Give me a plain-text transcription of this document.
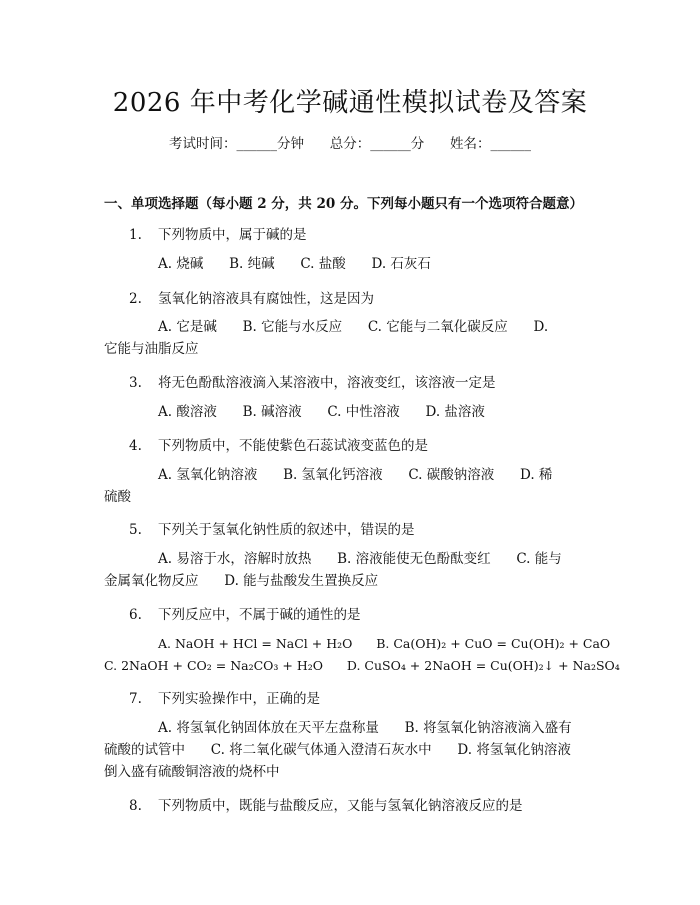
2026 年中考化学碱通性模拟试卷及答案
考试时间：______分钟      总分：______分      姓名：______
一、单项选择题（每小题 2 分，共 20 分。下列每小题只有一个选项符合题意）
1. 下列物质中，属于碱的是
A. 烧碱      B. 纯碱      C. 盐酸      D. 石灰石
2. 氢氧化钠溶液具有腐蚀性，这是因为
A. 它是碱      B. 它能与水反应      C. 它能与二氧化碳反应      D.
它能与油脂反应
3. 将无色酚酞溶液滴入某溶液中，溶液变红，该溶液一定是
A. 酸溶液      B. 碱溶液      C. 中性溶液      D. 盐溶液
4. 下列物质中，不能使紫色石蕊试液变蓝色的是
A. 氢氧化钠溶液      B. 氢氧化钙溶液      C. 碳酸钠溶液      D. 稀
硫酸
5. 下列关于氢氧化钠性质的叙述中，错误的是
A. 易溶于水，溶解时放热      B. 溶液能使无色酚酞变红      C. 能与
金属氧化物反应      D. 能与盐酸发生置换反应
6. 下列反应中，不属于碱的通性的是
A. NaOH + HCl = NaCl + H₂O      B. Ca(OH)₂ + CuO = Cu(OH)₂ + CaO
C. 2NaOH + CO₂ = Na₂CO₃ + H₂O      D. CuSO₄ + 2NaOH = Cu(OH)₂↓ + Na₂SO₄
7. 下列实验操作中，正确的是
A. 将氢氧化钠固体放在天平左盘称量      B. 将氢氧化钠溶液滴入盛有
硫酸的试管中      C. 将二氧化碳气体通入澄清石灰水中      D. 将氢氧化钠溶液
倒入盛有硫酸铜溶液的烧杯中
8. 下列物质中，既能与盐酸反应，又能与氢氧化钠溶液反应的是
